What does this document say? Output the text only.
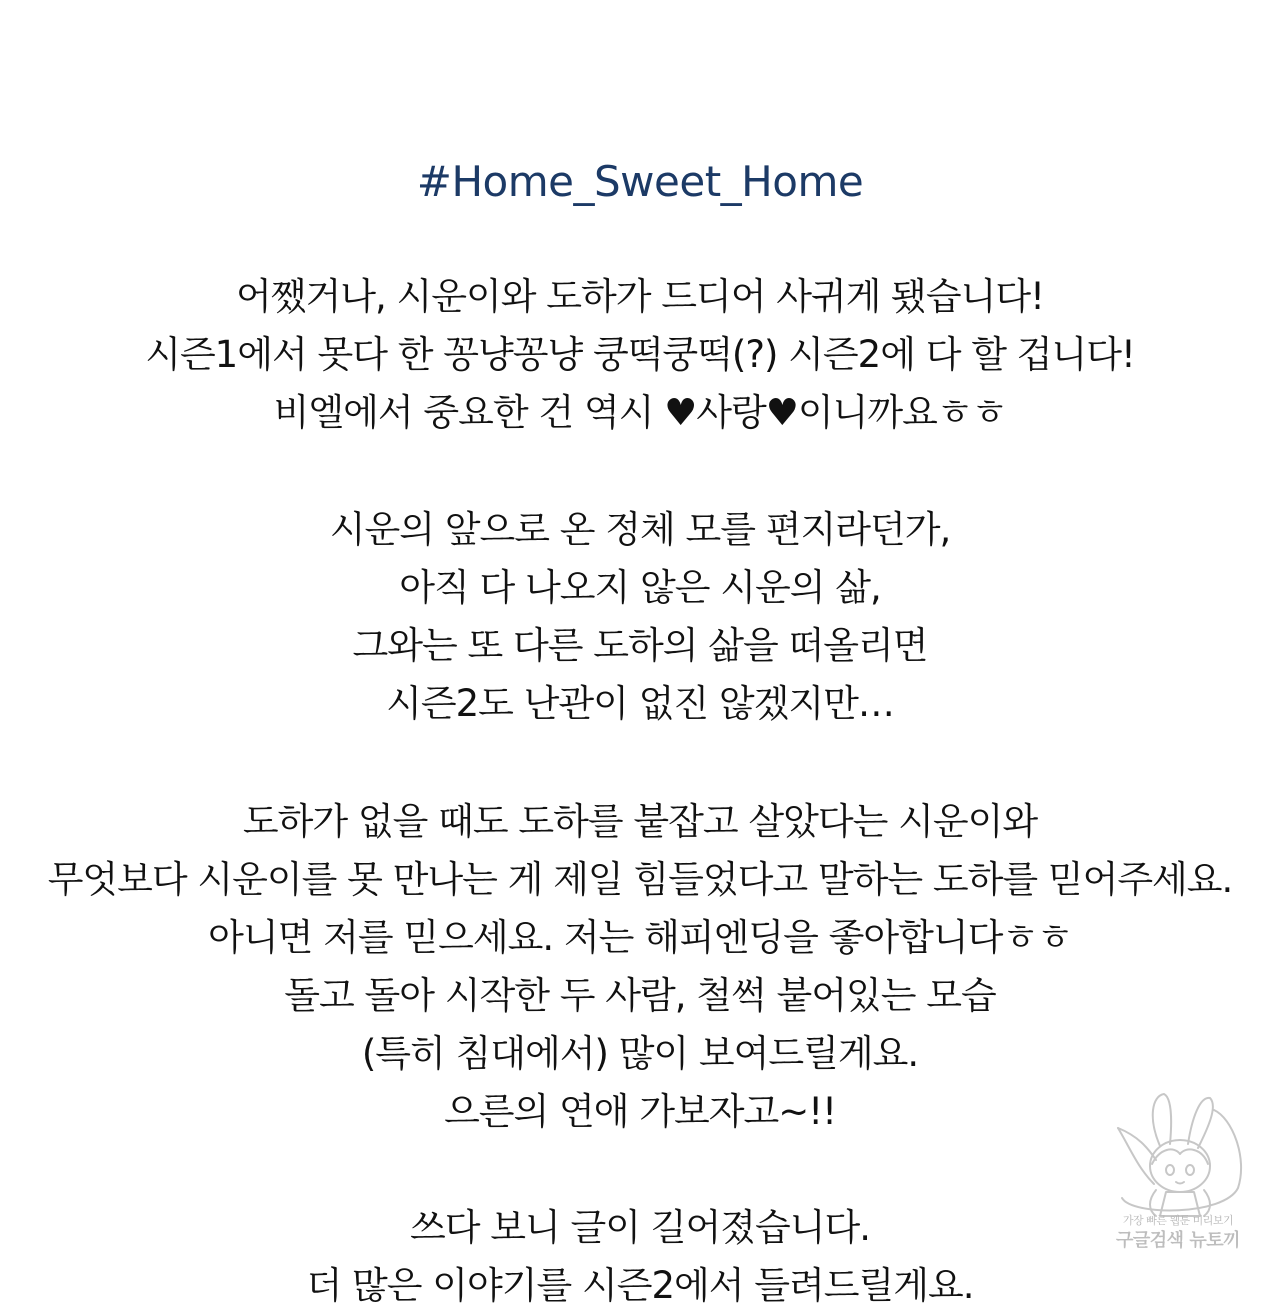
#Home_Sweet_Home
어쨌거나, 시운이와 도하가 드디어 사귀게 됐습니다!
시즌1에서 못다 한 꽁냥꽁냥 쿵떡쿵떡(?) 시즌2에 다 할 겁니다!
비엘에서 중요한 건 역시 ♥사랑♥이니까요ㅎㅎ
시운의 앞으로 온 정체 모를 편지라던가,
아직 다 나오지 않은 시운의 삶,
그와는 또 다른 도하의 삶을 떠올리면
시즌2도 난관이 없진 않겠지만…
도하가 없을 때도 도하를 붙잡고 살았다는 시운이와
무엇보다 시운이를 못 만나는 게 제일 힘들었다고 말하는 도하를 믿어주세요.
아니면 저를 믿으세요. 저는 해피엔딩을 좋아합니다ㅎㅎ
돌고 돌아 시작한 두 사람, 철썩 붙어있는 모습
(특히 침대에서) 많이 보여드릴게요.
으른의 연애 가보자고~!!
쓰다 보니 글이 길어졌습니다.
더 많은 이야기를 시즌2에서 들려드릴게요.
가장 빠른 웹툰 미리보기
구글검색 뉴토끼
